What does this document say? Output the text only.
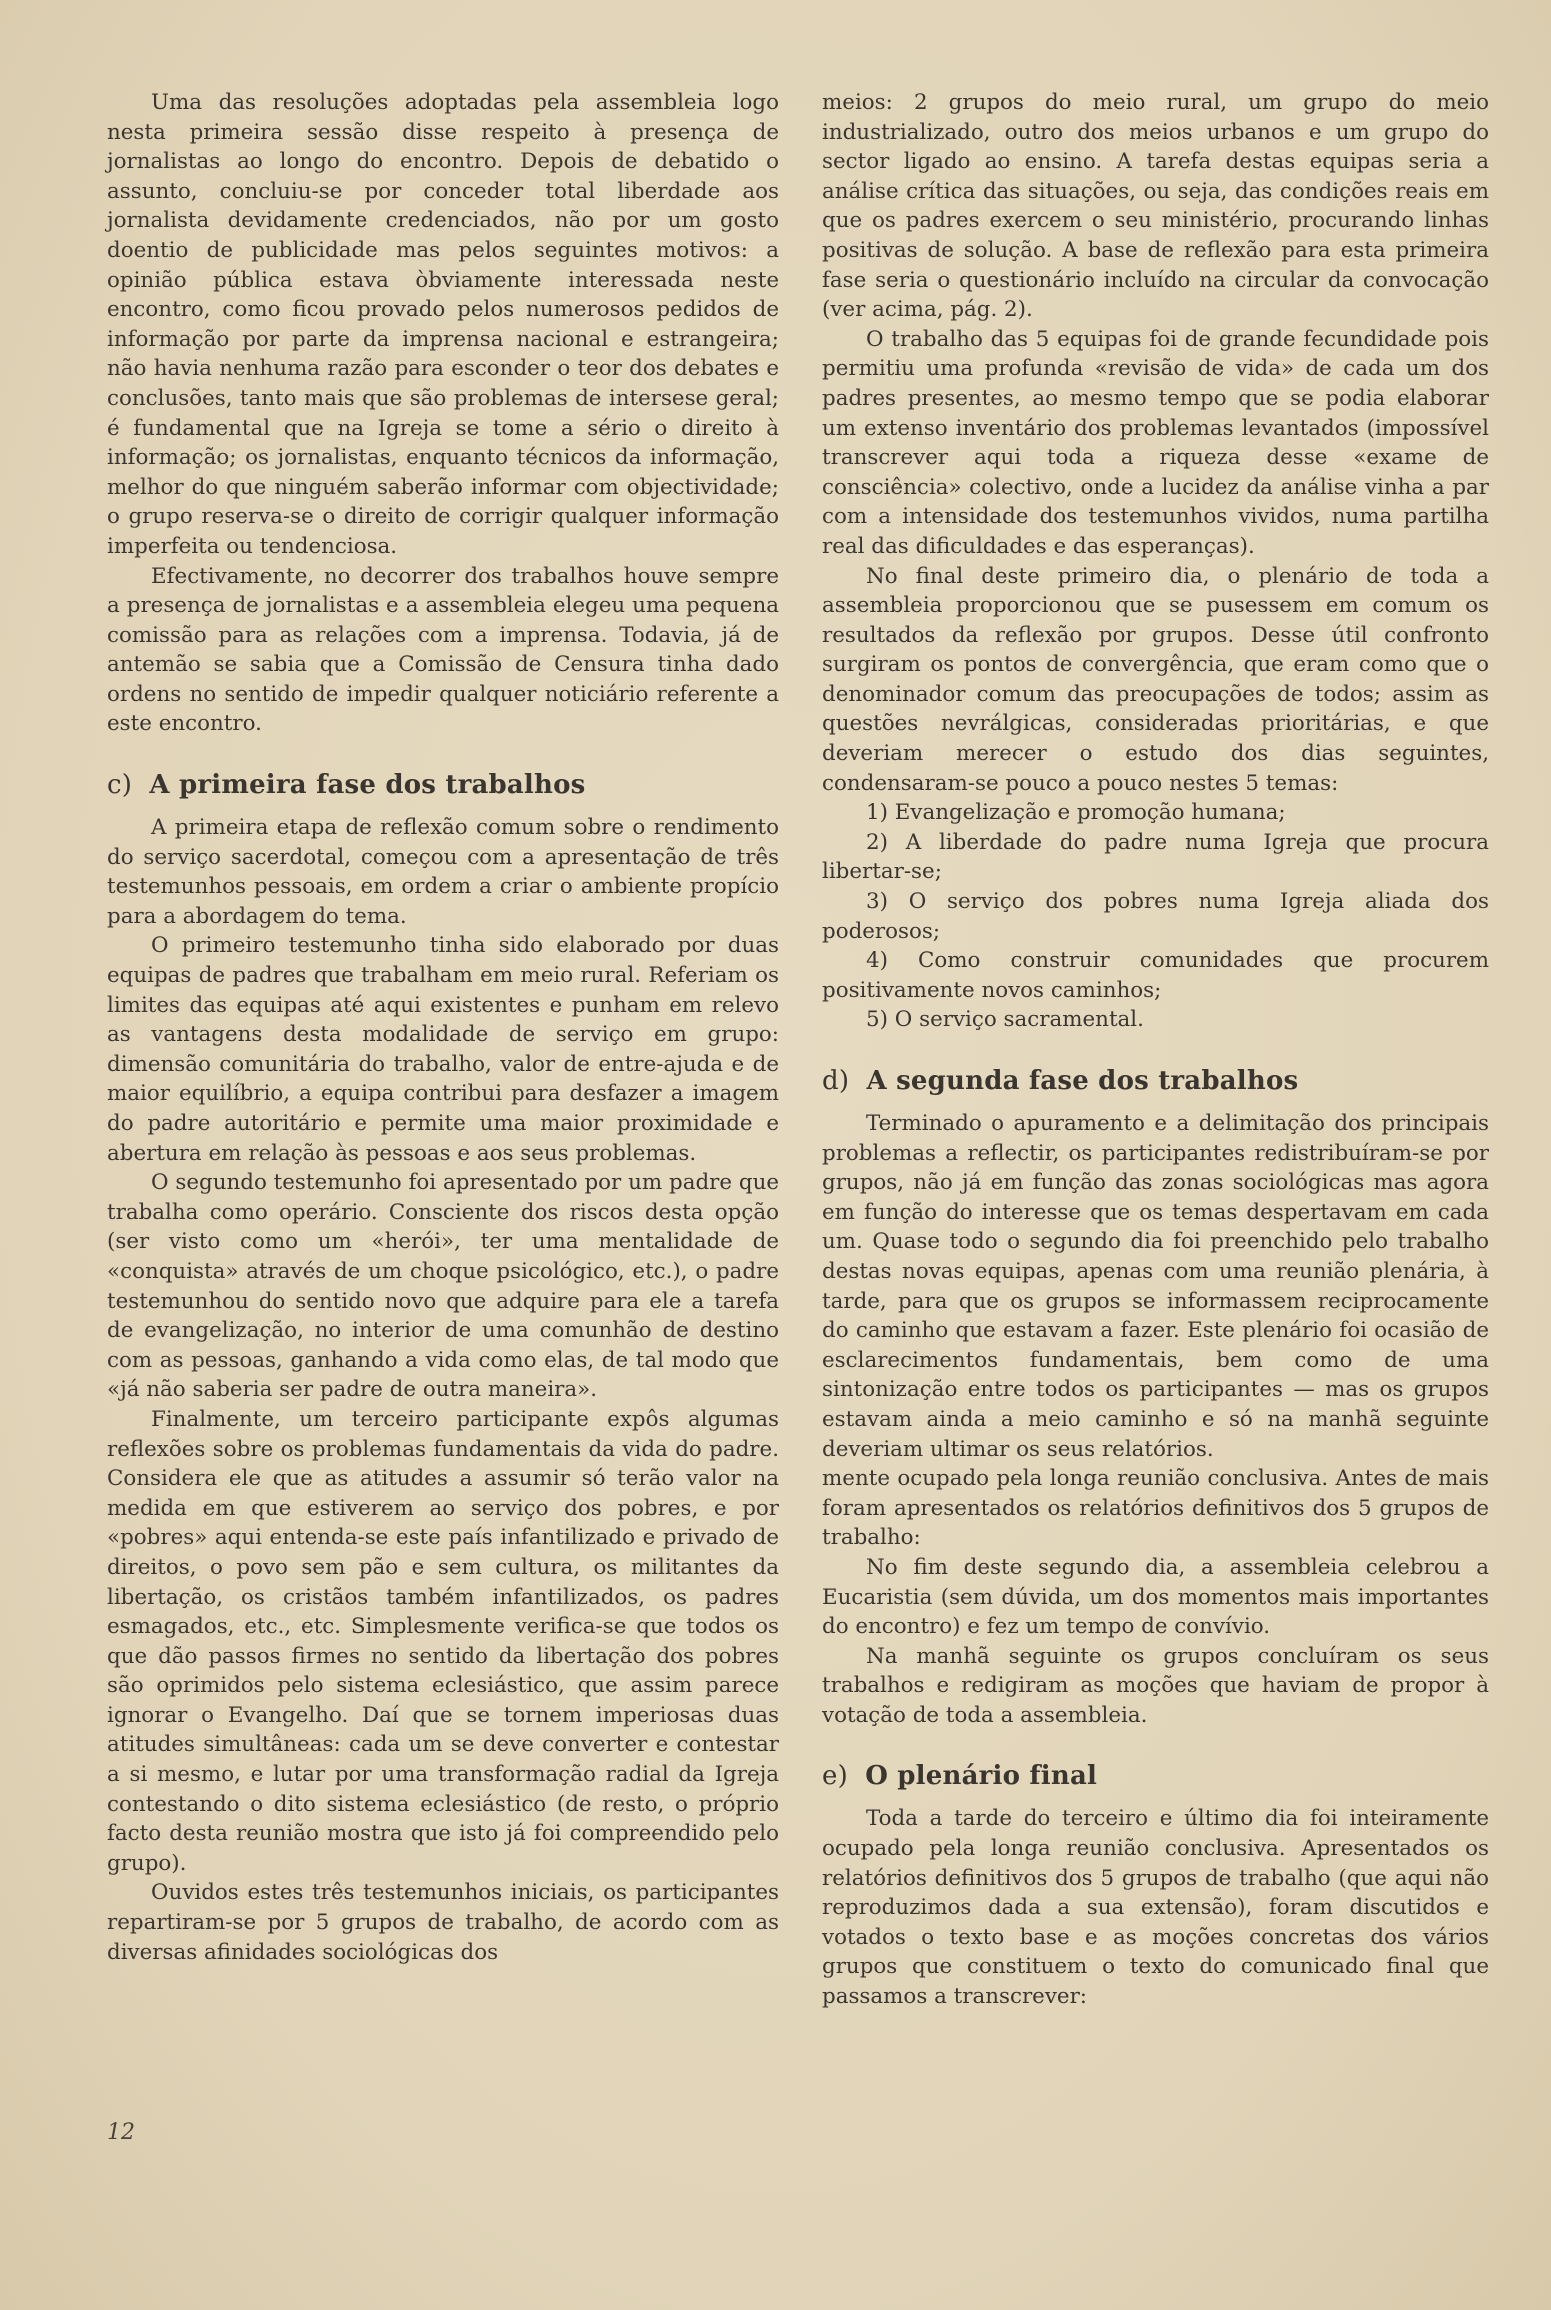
Uma das resoluções adoptadas pela assembleia logo nesta primeira sessão disse respeito à presença de jornalistas ao longo do encontro. Depois de debatido o assunto, concluiu-se por conceder total liberdade aos jornalista devidamente credenciados, não por um gosto doentio de publicidade mas pelos seguintes motivos: a opinião pública estava òbviamente interessada neste encontro, como ficou provado pelos numerosos pedidos de informação por parte da imprensa nacional e estrangeira; não havia nenhuma razão para esconder o teor dos debates e conclusões, tanto mais que são problemas de intersese geral; é fundamental que na Igreja se tome a sério o direito à informação; os jornalistas, enquanto técnicos da informação, melhor do que ninguém saberão informar com objectividade; o grupo reserva-se o direito de corrigir qualquer informação imperfeita ou tendenciosa.

Efectivamente, no decorrer dos trabalhos houve sempre a presença de jornalistas e a assembleia elegeu uma pequena comissão para as relações com a imprensa. Todavia, já de antemão se sabia que a Comissão de Censura tinha dado ordens no sentido de impedir qualquer noticiário referente a este encontro.

c) A primeira fase dos trabalhos

A primeira etapa de reflexão comum sobre o rendimento do serviço sacerdotal, começou com a apresentação de três testemunhos pessoais, em ordem a criar o ambiente propício para a abordagem do tema.

O primeiro testemunho tinha sido elaborado por duas equipas de padres que trabalham em meio rural. Referiam os limites das equipas até aqui existentes e punham em relevo as vantagens desta modalidade de serviço em grupo: dimensão comunitária do trabalho, valor de entre-ajuda e de maior equilíbrio, a equipa contribui para desfazer a imagem do padre autoritário e permite uma maior proximidade e abertura em relação às pessoas e aos seus problemas.

O segundo testemunho foi apresentado por um padre que trabalha como operário. Consciente dos riscos desta opção (ser visto como um «herói», ter uma mentalidade de «conquista» através de um choque psicológico, etc.), o padre testemunhou do sentido novo que adquire para ele a tarefa de evangelização, no interior de uma comunhão de destino com as pessoas, ganhando a vida como elas, de tal modo que «já não saberia ser padre de outra maneira».

Finalmente, um terceiro participante expôs algumas reflexões sobre os problemas fundamentais da vida do padre. Considera ele que as atitudes a assumir só terão valor na medida em que estiverem ao serviço dos pobres, e por «pobres» aqui entenda-se este país infantilizado e privado de direitos, o povo sem pão e sem cultura, os militantes da libertação, os cristãos também infantilizados, os padres esmagados, etc., etc. Simplesmente verifica-se que todos os que dão passos firmes no sentido da libertação dos pobres são oprimidos pelo sistema eclesiástico, que assim parece ignorar o Evangelho. Daí que se tornem imperiosas duas atitudes simultâneas: cada um se deve converter e contestar a si mesmo, e lutar por uma transformação radial da Igreja contestando o dito sistema eclesiástico (de resto, o próprio facto desta reunião mostra que isto já foi compreendido pelo grupo).

Ouvidos estes três testemunhos iniciais, os participantes repartiram-se por 5 grupos de trabalho, de acordo com as diversas afinidades sociológicas dos

meios: 2 grupos do meio rural, um grupo do meio industrializado, outro dos meios urbanos e um grupo do sector ligado ao ensino. A tarefa destas equipas seria a análise crítica das situações, ou seja, das condições reais em que os padres exercem o seu ministério, procurando linhas positivas de solução. A base de reflexão para esta primeira fase seria o questionário incluído na circular da convocação (ver acima, pág. 2).

O trabalho das 5 equipas foi de grande fecundidade pois permitiu uma profunda «revisão de vida» de cada um dos padres presentes, ao mesmo tempo que se podia elaborar um extenso inventário dos problemas levantados (impossível transcrever aqui toda a riqueza desse «exame de consciência» colectivo, onde a lucidez da análise vinha a par com a intensidade dos testemunhos vividos, numa partilha real das dificuldades e das esperanças).

No final deste primeiro dia, o plenário de toda a assembleia proporcionou que se pusessem em comum os resultados da reflexão por grupos. Desse útil confronto surgiram os pontos de convergência, que eram como que o denominador comum das preocupações de todos; assim as questões nevrálgicas, consideradas prioritárias, e que deveriam merecer o estudo dos dias seguintes, condensaram-se pouco a pouco nestes 5 temas:

1) Evangelização e promoção humana;
2) A liberdade do padre numa Igreja que procura libertar-se;
3) O serviço dos pobres numa Igreja aliada dos poderosos;
4) Como construir comunidades que procurem positivamente novos caminhos;
5) O serviço sacramental.
d) A segunda fase dos trabalhos

Terminado o apuramento e a delimitação dos principais problemas a reflectir, os participantes redistribuíram-se por grupos, não já em função das zonas sociológicas mas agora em função do interesse que os temas despertavam em cada um. Quase todo o segundo dia foi preenchido pelo trabalho destas novas equipas, apenas com uma reunião plenária, à tarde, para que os grupos se informassem reciprocamente do caminho que estavam a fazer. Este plenário foi ocasião de esclarecimentos fundamentais, bem como de uma sintonização entre todos os participantes — mas os grupos estavam ainda a meio caminho e só na manhã seguinte deveriam ultimar os seus relatórios.

mente ocupado pela longa reunião conclusiva. Antes de mais foram apresentados os relatórios definitivos dos 5 grupos de trabalho:

No fim deste segundo dia, a assembleia celebrou a Eucaristia (sem dúvida, um dos momentos mais importantes do encontro) e fez um tempo de convívio.

Na manhã seguinte os grupos concluíram os seus trabalhos e redigiram as moções que haviam de propor à votação de toda a assembleia.

e) O plenário final

Toda a tarde do terceiro e último dia foi inteiramente ocupado pela longa reunião conclusiva. Apresentados os relatórios definitivos dos 5 grupos de trabalho (que aqui não reproduzimos dada a sua extensão), foram discutidos e votados o texto base e as moções concretas dos vários grupos que constituem o texto do comunicado final que passamos a transcrever:

12
